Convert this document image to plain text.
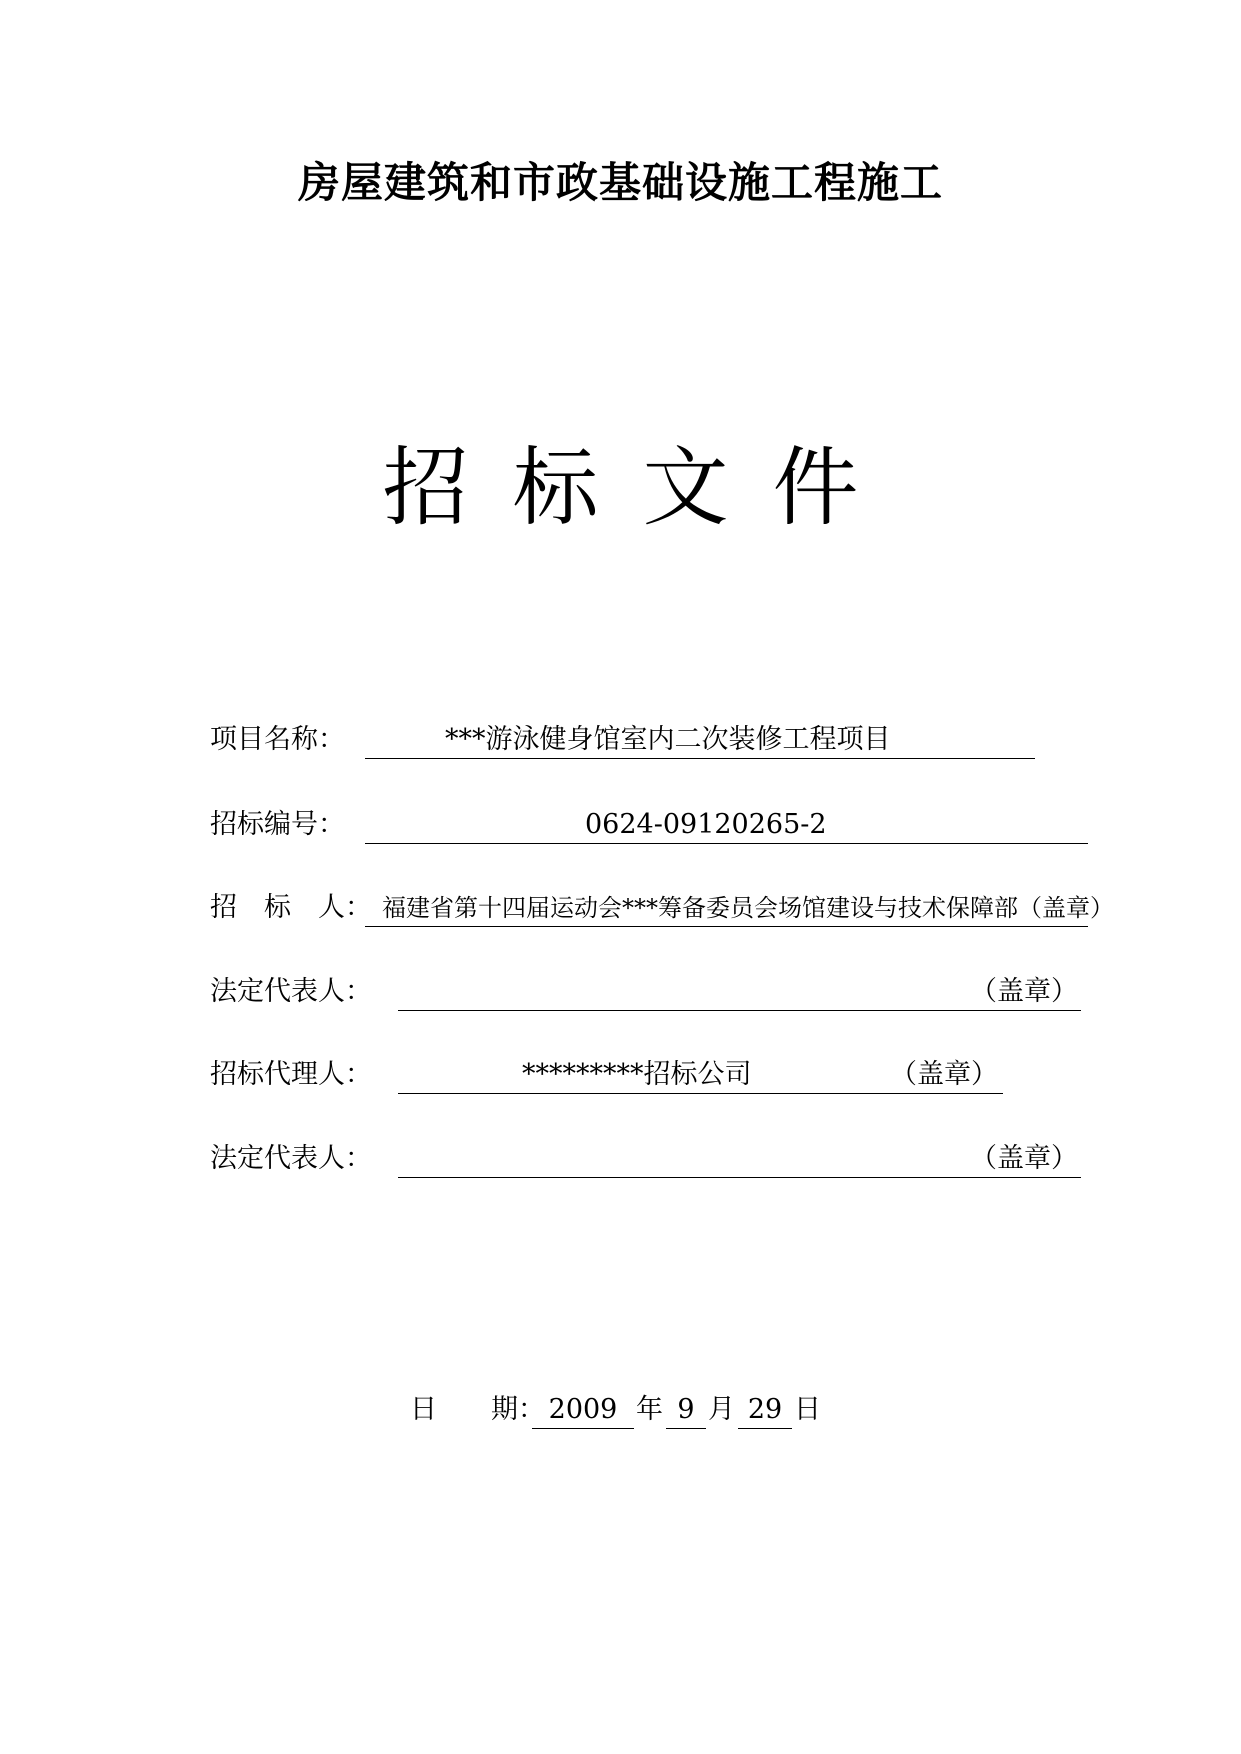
房屋建筑和市政基础设施工程施工
招标文件
项目名称：	***游泳健身馆室内二次装修工程项目
招标编号：	0624-09120265-2
招　标　人： 福建省第十四届运动会***筹备委员会场馆建设与技术保障部（盖章）
法定代表人：	（盖章）
招标代理人：	*********招标公司	（盖章）
法定代表人：	（盖章）
日　　期： 2009 年 9 月 29 日
